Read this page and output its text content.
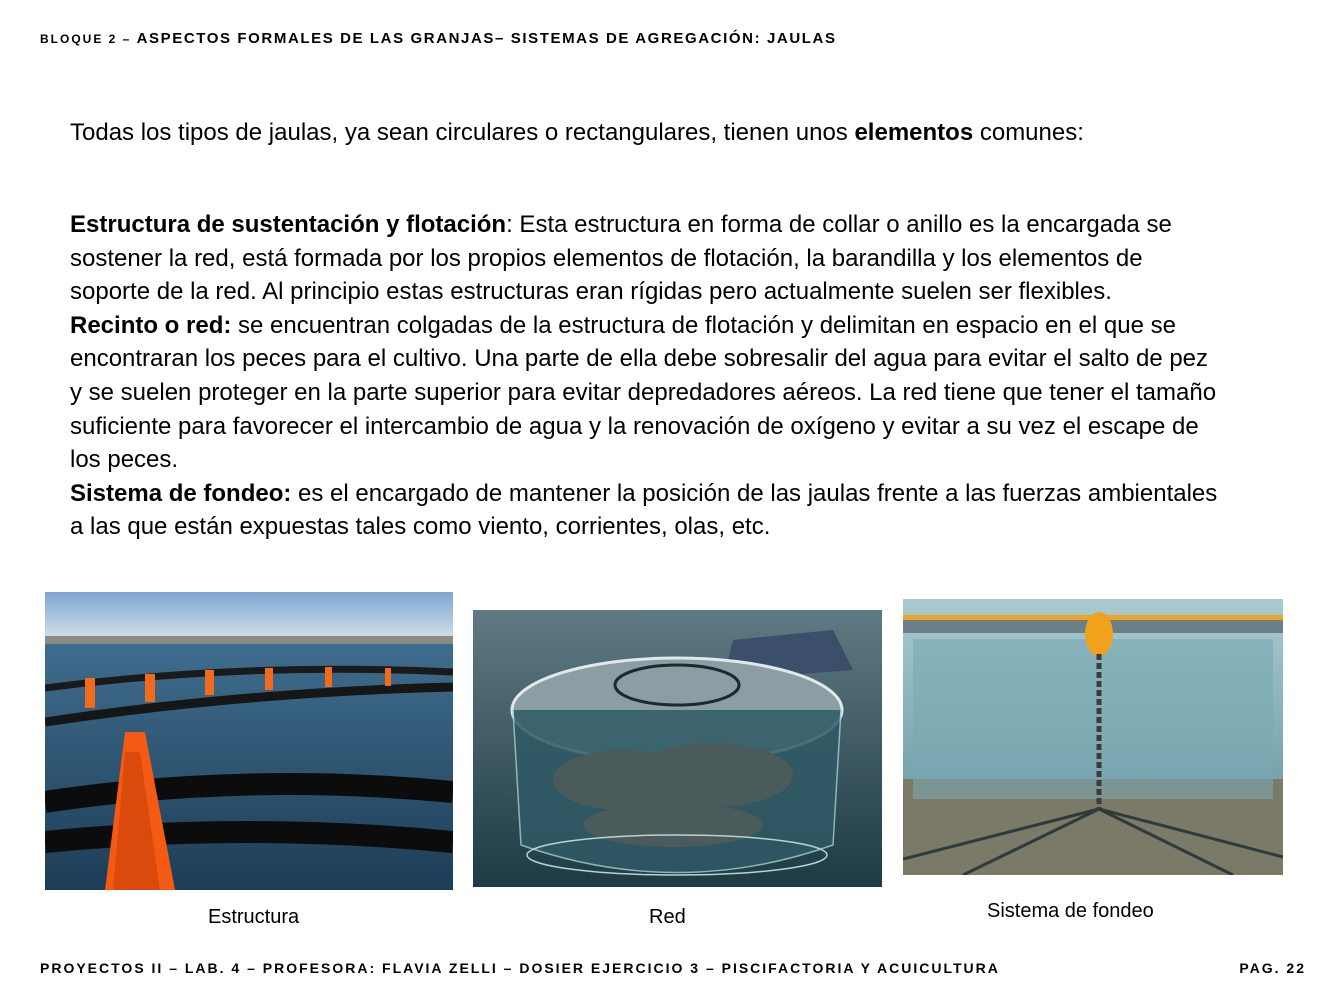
BLOQUE 2 – ASPECTOS FORMALES DE LAS GRANJAS– SISTEMAS DE AGREGACIÓN: JAULAS
Todas los tipos de jaulas, ya sean circulares o rectangulares, tienen unos elementos comunes:

Estructura de sustentación y flotación: Esta estructura en forma de collar o anillo es la encargada se sostener la red, está formada por los propios elementos de flotación, la barandilla y los elementos de soporte de la red. Al principio estas estructuras eran rígidas pero actualmente suelen ser flexibles.

Recinto o red: se encuentran colgadas de la estructura de flotación y delimitan en espacio en el que se encontraran los peces para el cultivo. Una parte de ella debe sobresalir del agua para evitar el salto de pez y se suelen proteger en la parte superior para evitar depredadores aéreos. La red tiene que tener el tamaño suficiente para favorecer el intercambio de agua y la renovación de oxígeno y evitar a su vez el escape de los peces.

Sistema de fondeo: es el encargado de mantener la posición de las jaulas frente a las fuerzas ambientales a las que están expuestas tales como viento, corrientes, olas, etc.

Estructura	Red	Sistema de fondeo
PROYECTOS II – LAB. 4 – PROFESORA: FLAVIA ZELLI – DOSIER EJERCICIO 3 – PISCIFACTORIA Y ACUICULTURA	PAG. 22
